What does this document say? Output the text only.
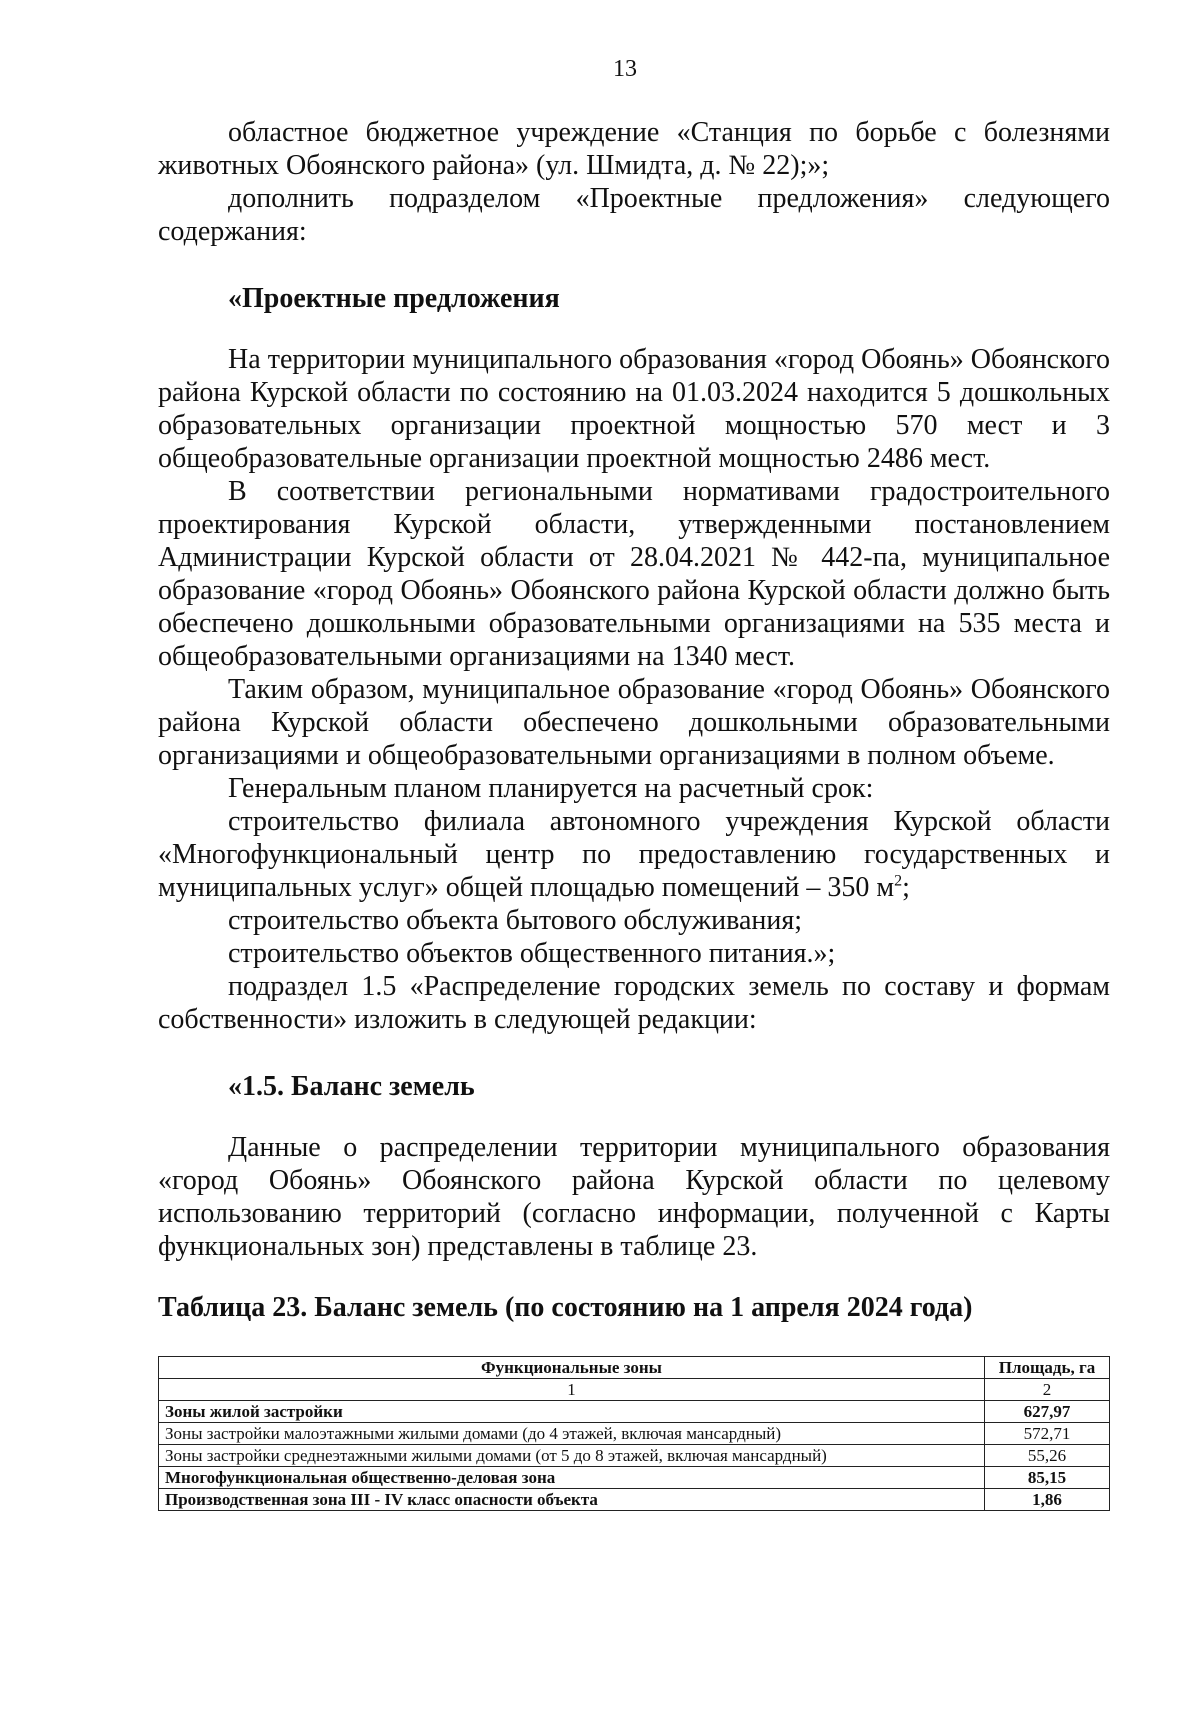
13

областное бюджетное учреждение «Станция по борьбе с болезнями животных Обоянского района» (ул. Шмидта, д. № 22);»;

дополнить подразделом «Проектные предложения» следующего содержания:

«Проектные предложения

На территории муниципального образования «город Обоянь» Обоянского района Курской области по состоянию на 01.03.2024 находится 5 дошкольных образовательных организации проектной мощностью 570 мест и 3 общеобразовательные организации проектной мощностью 2486 мест.

В соответствии региональными нормативами градостроительного проектирования Курской области, утвержденными постановлением Администрации Курской области от 28.04.2021 № 442-па, муниципальное образование «город Обоянь» Обоянского района Курской области должно быть обеспечено дошкольными образовательными организациями на 535 места и общеобразовательными организациями на 1340 мест.

Таким образом, муниципальное образование «город Обоянь» Обоянского района Курской области обеспечено дошкольными образовательными организациями и общеобразовательными организациями в полном объеме.

Генеральным планом планируется на расчетный срок:

строительство филиала автономного учреждения Курской области «Многофункциональный центр по предоставлению государственных и муниципальных услуг» общей площадью помещений – 350 $м^2$;

строительство объекта бытового обслуживания;

строительство объектов общественного питания.»;

подраздел 1.5 «Распределение городских земель по составу и формам собственности» изложить в следующей редакции:

«1.5. Баланс земель

Данные о распределении территории муниципального образования «город Обоянь» Обоянского района Курской области по целевому использованию территорий (согласно информации, полученной с Карты функциональных зон) представлены в таблице 23.

Таблица 23. Баланс земель (по состоянию на 1 апреля 2024 года)

Функциональные зоны	Площадь, га
1	2
Зоны жилой застройки	627,97
Зоны застройки малоэтажными жилыми домами (до 4 этажей, включая мансардный)	572,71
Зоны застройки среднеэтажными жилыми домами (от 5 до 8 этажей, включая мансардный)	55,26
Многофункциональная общественно-деловая зона	85,15
Производственная зона III - IV класс опасности объекта	1,86
